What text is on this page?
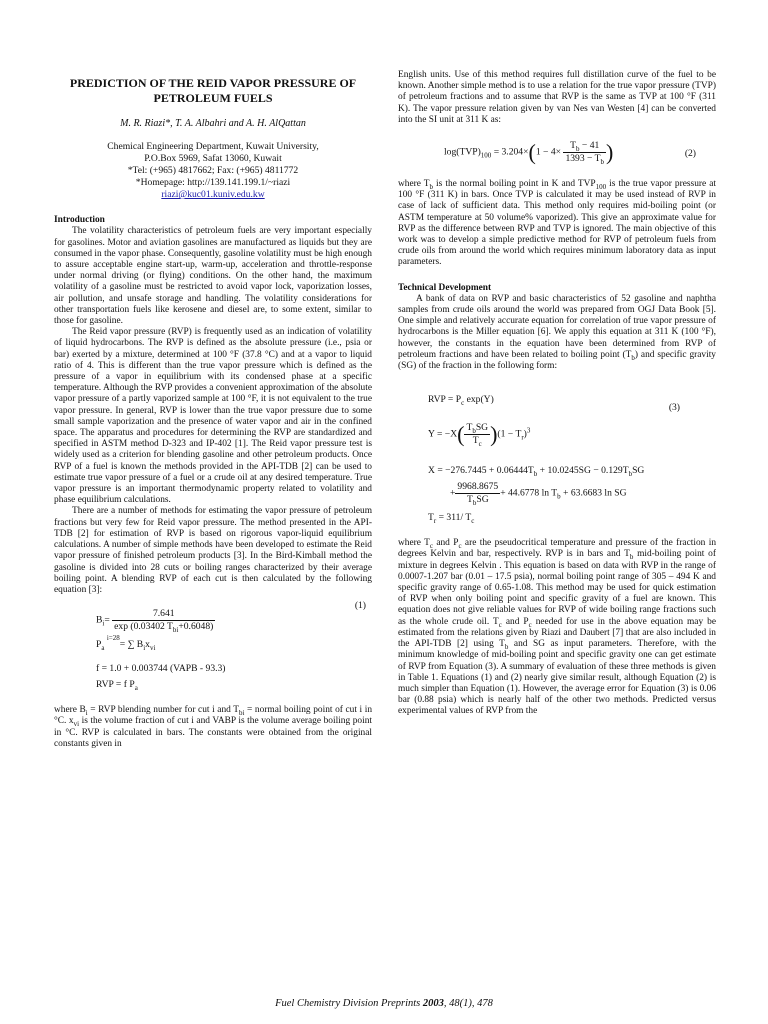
PREDICTION OF THE REID VAPOR PRESSURE OF PETROLEUM FUELS
M. R. Riazi*, T. A. Albahri and A. H. AlQattan
Chemical Engineering Department, Kuwait University,
P.O.Box 5969, Safat 13060, Kuwait
*Tel: (+965) 4817662; Fax: (+965) 4811772
*Homepage: http://139.141.199.1/~riazi
riazi@kuc01.kuniv.edu.kw
Introduction

The volatility characteristics of petroleum fuels are very important especially for gasolines. Motor and aviation gasolines are manufactured as liquids but they are consumed in the vapor phase. Consequently, gasoline volatility must be high enough to assure acceptable engine start-up, warm-up, acceleration and throttle-response under normal driving (or flying) conditions. On the other hand, the maximum volatility of a gasoline must be restricted to avoid vapor lock, vaporization losses, air pollution, and unsafe storage and handling. The volatility considerations for other transportation fuels like kerosene and diesel are, to some extent, similar to those for gasoline.

The Reid vapor pressure (RVP) is frequently used as an indication of volatility of liquid hydrocarbons. The RVP is defined as the absolute pressure (i.e., psia or bar) exerted by a mixture, determined at 100 °F (37.8 °C) and at a vapor to liquid ratio of 4. This is different than the true vapor pressure which is defined as the pressure of a vapor in equilibrium with its condensed phase at a specific temperature. Although the RVP provides a convenient approximation of the absolute vapor pressure of a partly vaporized sample at 100 °F, it is not equivalent to the true vapor pressure. In general, RVP is lower than the true vapor pressure due to some small sample vaporization and the presence of water vapor and air in the confined space. The apparatus and procedures for determining the RVP are standardized and specified in ASTM method D-323 and IP-402 [1]. The Reid vapor pressure test is widely used as a criterion for blending gasoline and other petroleum products. Once RVP of a fuel is known the methods provided in the API-TDB [2] can be used to estimate true vapor pressure of a fuel or a crude oil at any desired temperature. True vapor pressure is an important thermodynamic property related to volatility and phase equilibrium calculations.

There are a number of methods for estimating the vapor pressure of petroleum fractions but very few for Reid vapor pressure. The method presented in the API-TDB [2] for estimation of RVP is based on rigorous vapor-liquid equilibrium calculations. A number of simple methods have been developed to estimate the Reid vapor pressure of finished petroleum products [3]. In the Bird-Kimball method the gasoline is divided into 28 cuts or boiling ranges characterized by their average boiling point. A blending RVP of each cut is then calculated by the following equation [3]:

$B_i= \frac{7.641}{\exp (0.03402 T_{bi}+0.6048)}$
$P_a$ $^{i=28}$= ∑ $B_ix_{vi}$
(1)
f = 1.0 + 0.003744 (VAPB - 93.3)
RVP = f $P_a$

where $B_i$ = RVP blending number for cut i and $T_{bi}$ = normal boiling point of cut i in °C. $x_{vi}$ is the volume fraction of cut i and VABP is the volume average boiling point in °C. RVP is calculated in bars. The constants were obtained from the original constants given in

English units. Use of this method requires full distillation curve of the fuel to be known. Another simple method is to use a relation for the true vapor pressure (TVP) of petroleum fractions and to assume that RVP is the same as TVP at 100 °F (311 K). The vapor pressure relation given by van Nes van Westen [4] can be converted into the SI unit at 311 K as:

$\log(TVP)_{100} = 3.204\times(1 - 4\times \frac{T_b - 41}{1393 - T_b}$ )	(2)

where $T_b$ is the normal boiling point in K and $TVP_{100}$ is the true vapor pressure at 100 °F (311 K) in bars. Once TVP is calculated it may be used instead of RVP in case of lack of sufficient data. This method only requires mid-boiling point (or ASTM temperature at 50 volume% vaporized). This give an approximate value for RVP as the difference between RVP and TVP is ignored. The main objective of this work was to develop a simple predictive method for RVP of petroleum fuels from crude oils from around the world which requires minimum laboratory data as input parameters.

Technical Development

A bank of data on RVP and basic characteristics of 52 gasoline and naphtha samples from crude oils around the world was prepared from OGJ Data Book [5]. One simple and relatively accurate equation for correlation of true vapor pressure of hydrocarbons is the Miller equation [6]. We apply this equation at 311 K (100 °F), however, the constants in the equation have been determined from RVP of petroleum fractions and have been related to boiling point $(T_b)$ and specific gravity (SG) of the fraction in the following form:

RVP = $P_c$ exp(Y)
$Y = -X( \frac{T_bSG}{T_c} )(1 - T_r)^3$
(3)
$X = -276.7445 + 0.06444T_b + 10.0245SG - 0.129T_bSG$
+ $\frac{9968.8675}{T_bSG} + 44.6778$ $\ln T_b + 63.6683$ ln SG
$T_r = 311/$ $T_c$

where $T_c$ and $P_c$ are the pseudocritical temperature and pressure of the fraction in degrees Kelvin and bar, respectively. RVP is in bars and $T_b$ mid-boiling point of mixture in degrees Kelvin . This equation is based on data with RVP in the range of 0.0007-1.207 bar (0.01 – 17.5 psia), normal boiling point range of 305 – 494 K and specific gravity range of 0.65-1.08. This method may be used for quick estimation of RVP when only boiling point and specific gravity of a fuel are known. This equation does not give reliable values for RVP of wide boiling range fractions such as the whole crude oil. $T_c$ and $P_c$ needed for use in the above equation may be estimated from the relations given by Riazi and Daubert [7] that are also included in the API-TDB [2] using $T_b$ and SG as input parameters. Therefore, with the minimum knowledge of mid-boiling point and specific gravity one can get estimate of RVP from Equation (3). A summary of evaluation of these three methods is given in Table 1. Equations (1) and (2) nearly give similar result, although Equation (2) is much simpler than Equation (1). However, the average error for Equation (3) is 0.06 bar (0.88 psia) which is nearly half of the other two methods. Predicted versus experimental values of RVP from the

Fuel Chemistry Division Preprints 2003, 48(1), 478
